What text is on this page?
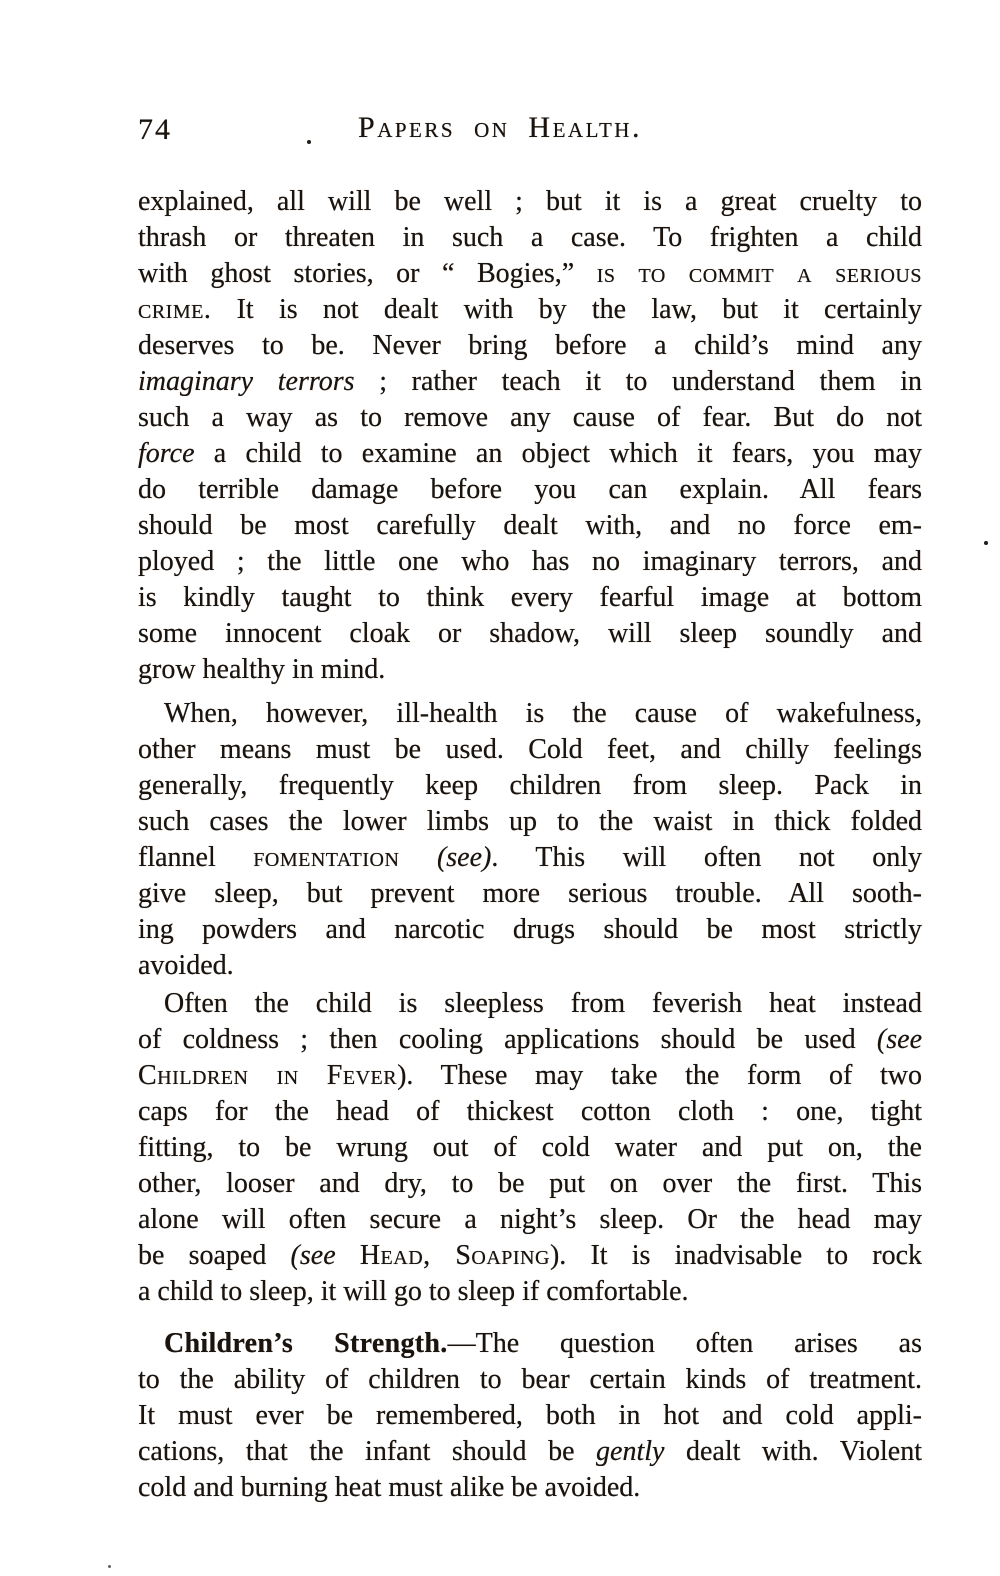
74	Papers on Health.
explained, all will be well ; but it is a great cruelty to
thrash or threaten in such a case. To frighten a child
with ghost stories, or “ Bogies,” is to commit a serious
crime. It is not dealt with by the law, but it certainly
deserves to be. Never bring before a child’s mind any
imaginary terrors ; rather teach it to understand them in
such a way as to remove any cause of fear. But do not
force a child to examine an object which it fears, you may
do terrible damage before you can explain. All fears
should be most carefully dealt with, and no force em-
ployed ; the little one who has no imaginary terrors, and
is kindly taught to think every fearful image at bottom
some innocent cloak or shadow, will sleep soundly and
grow healthy in mind.
When, however, ill-health is the cause of wakefulness,
other means must be used. Cold feet, and chilly feelings
generally, frequently keep children from sleep. Pack in
such cases the lower limbs up to the waist in thick folded
flannel fomentation (see). This will often not only
give sleep, but prevent more serious trouble. All sooth-
ing powders and narcotic drugs should be most strictly
avoided.
Often the child is sleepless from feverish heat instead
of coldness ; then cooling applications should be used (see
Children in Fever). These may take the form of two
caps for the head of thickest cotton cloth : one, tight
fitting, to be wrung out of cold water and put on, the
other, looser and dry, to be put on over the first. This
alone will often secure a night’s sleep. Or the head may
be soaped (see Head, Soaping). It is inadvisable to rock
a child to sleep, it will go to sleep if comfortable.
Children’s Strength.—The question often arises as
to the ability of children to bear certain kinds of treatment.
It must ever be remembered, both in hot and cold appli-
cations, that the infant should be gently dealt with. Violent
cold and burning heat must alike be avoided.
